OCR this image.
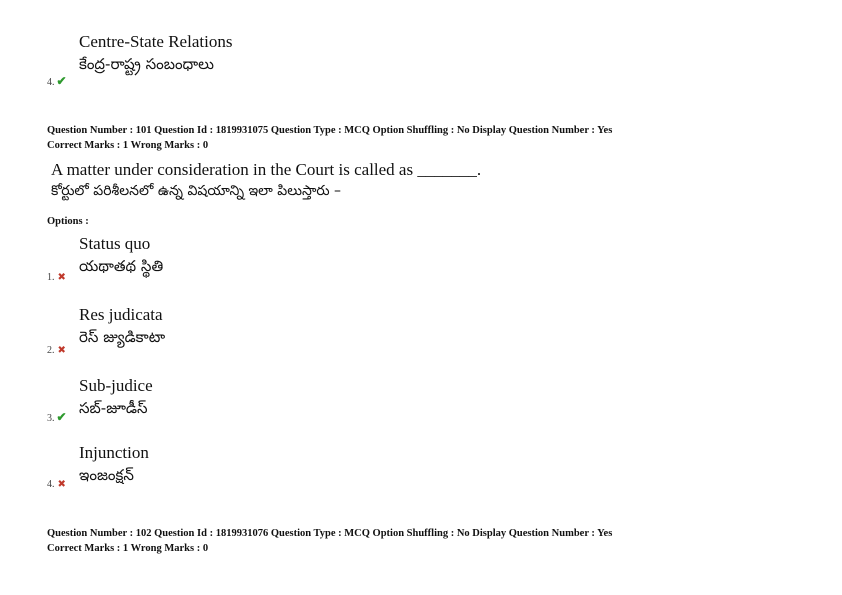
Centre-State Relations
కేంద్ర-రాష్ట్ర సంబంధాలు
4. ✔
Question Number : 101 Question Id : 1819931075 Question Type : MCQ Option Shuffling : No Display Question Number : Yes
Correct Marks : 1 Wrong Marks : 0
A matter under consideration in the Court is called as _______.
కోర్టులో పరిశీలనలో ఉన్న విషయాన్ని ఇలా పిలుస్తారు –
Options :
Status quo
యథాతథ స్థితి
1. ✖
Res judicata
రెస్ జ్యుడికాటా
2. ✖
Sub-judice
సబ్-జూడీస్
3. ✔
Injunction
ఇంజంక్షన్
4. ✖
Question Number : 102 Question Id : 1819931076 Question Type : MCQ Option Shuffling : No Display Question Number : Yes
Correct Marks : 1 Wrong Marks : 0
